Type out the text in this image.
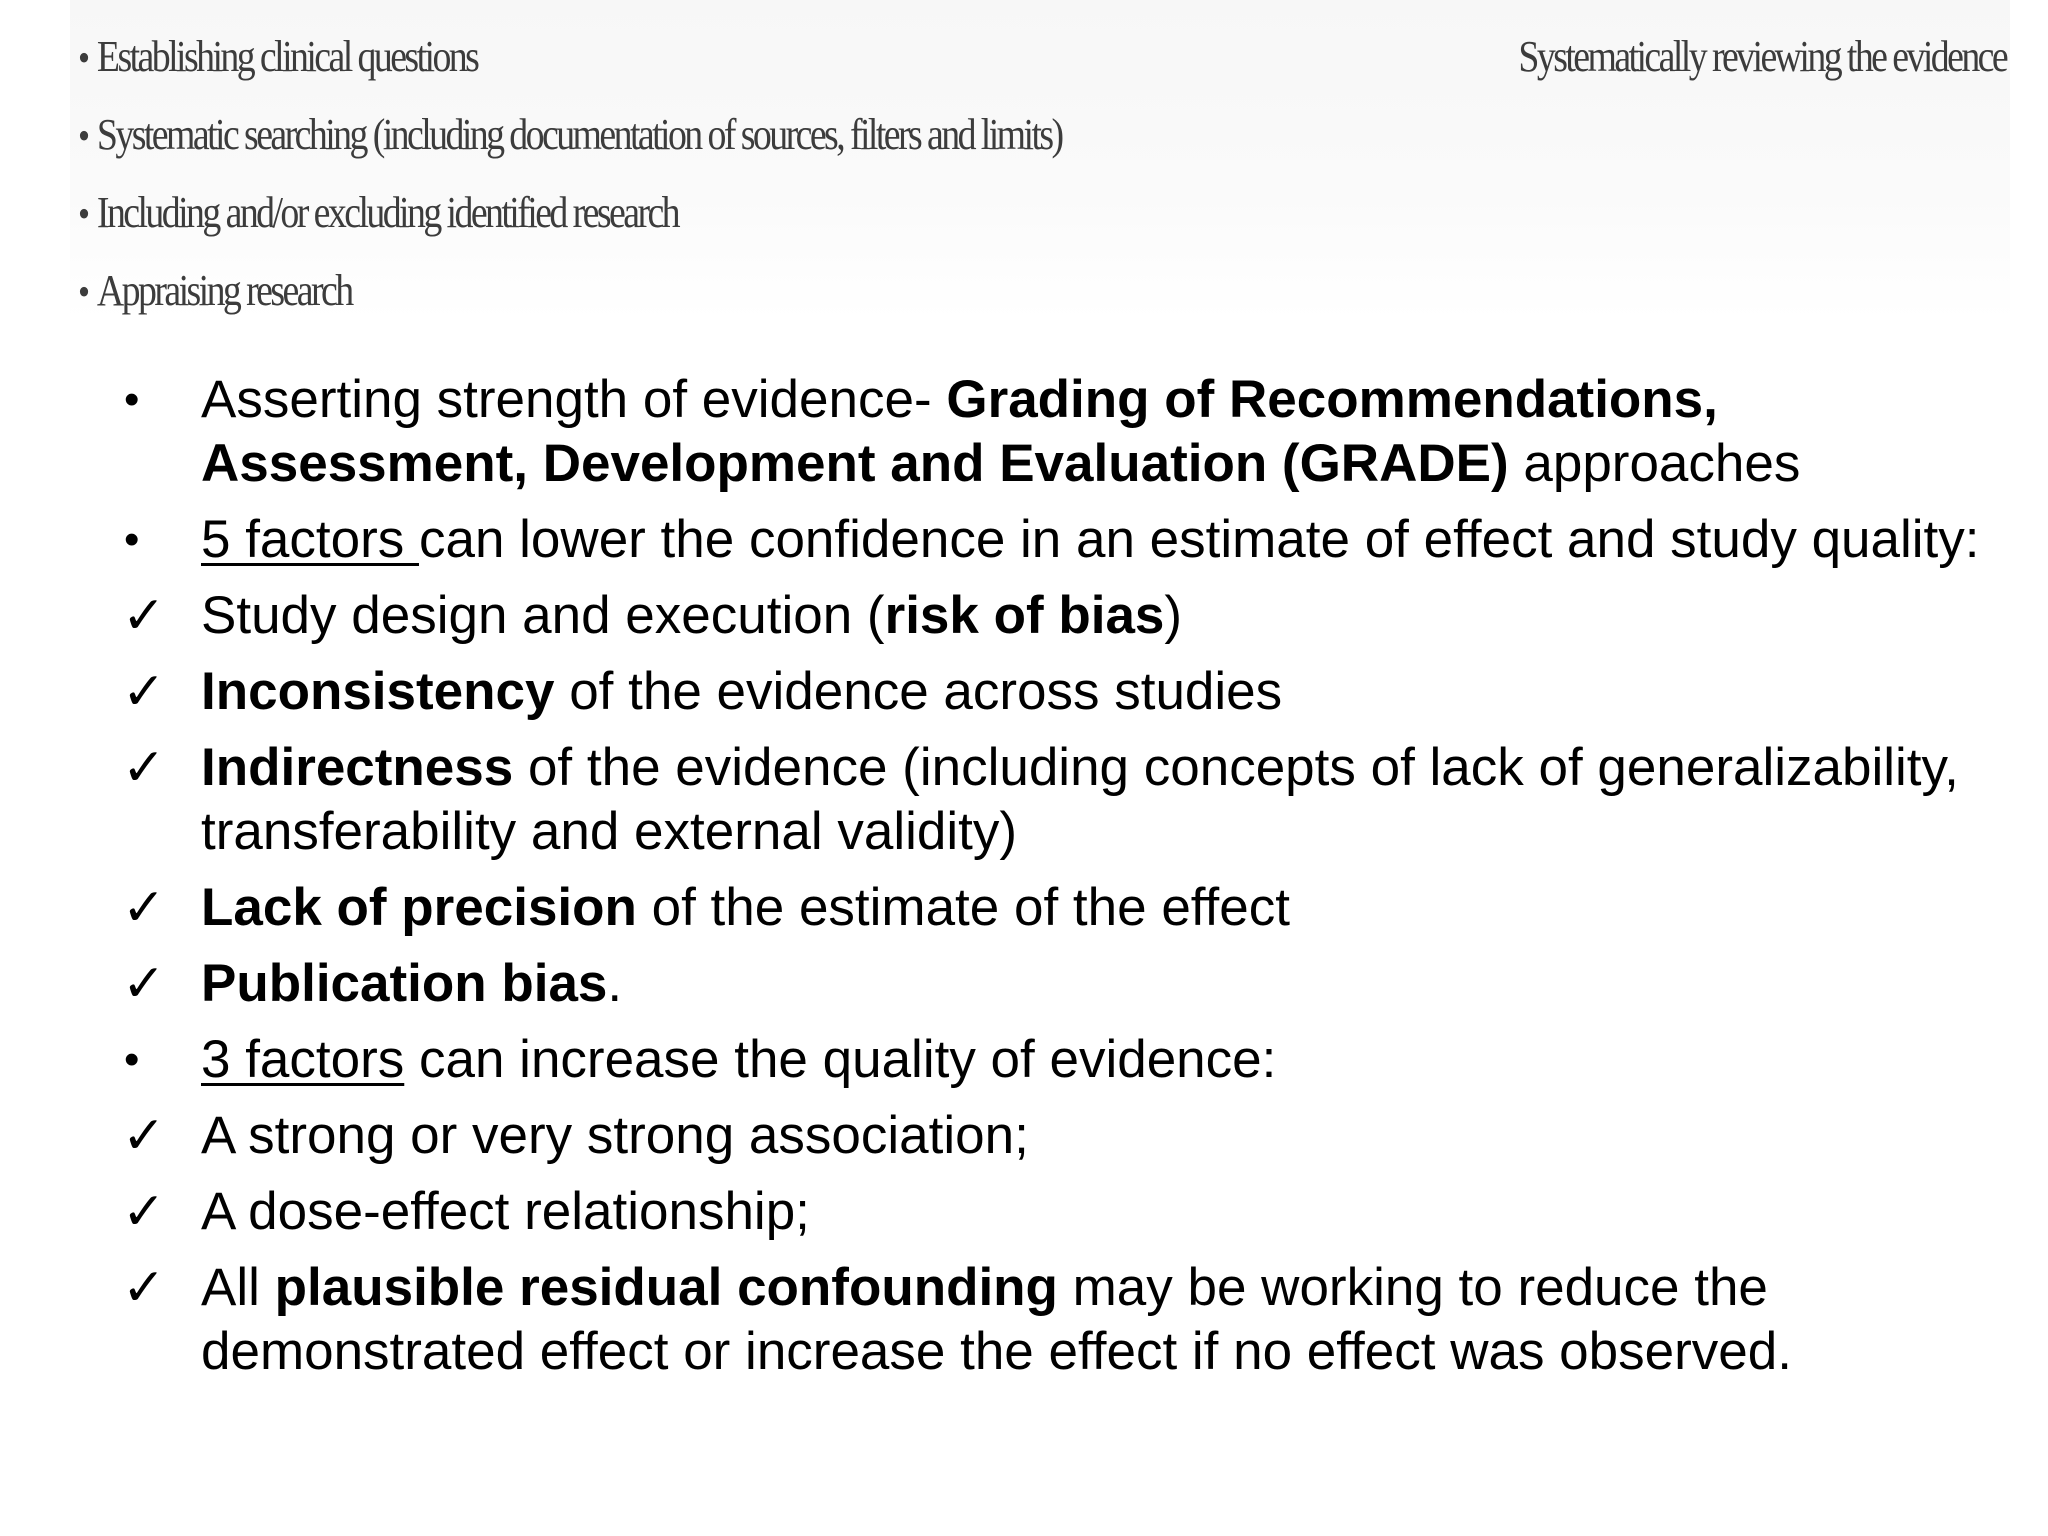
• Establishing clinical questions
• Systematic searching (including documentation of sources, filters and limits)
• Including and/or excluding identified research
• Appraising research
Systematically reviewing the evidence
•	Asserting strength of evidence- Grading of Recommendations, Assessment, Development and Evaluation (GRADE) approaches
•	5 factors can lower the confidence in an estimate of effect and study quality:
✓ Study design and execution (risk of bias)
✓ Inconsistency of the evidence across studies
✓ Indirectness of the evidence (including concepts of lack of generalizability, transferability and external validity)
✓ Lack of precision of the estimate of the effect
✓ Publication bias.
•	3 factors can increase the quality of evidence:
✓ A strong or very strong association;
✓ A dose-effect relationship;
✓ All plausible residual confounding may be working to reduce the demonstrated effect or increase the effect if no effect was observed.
